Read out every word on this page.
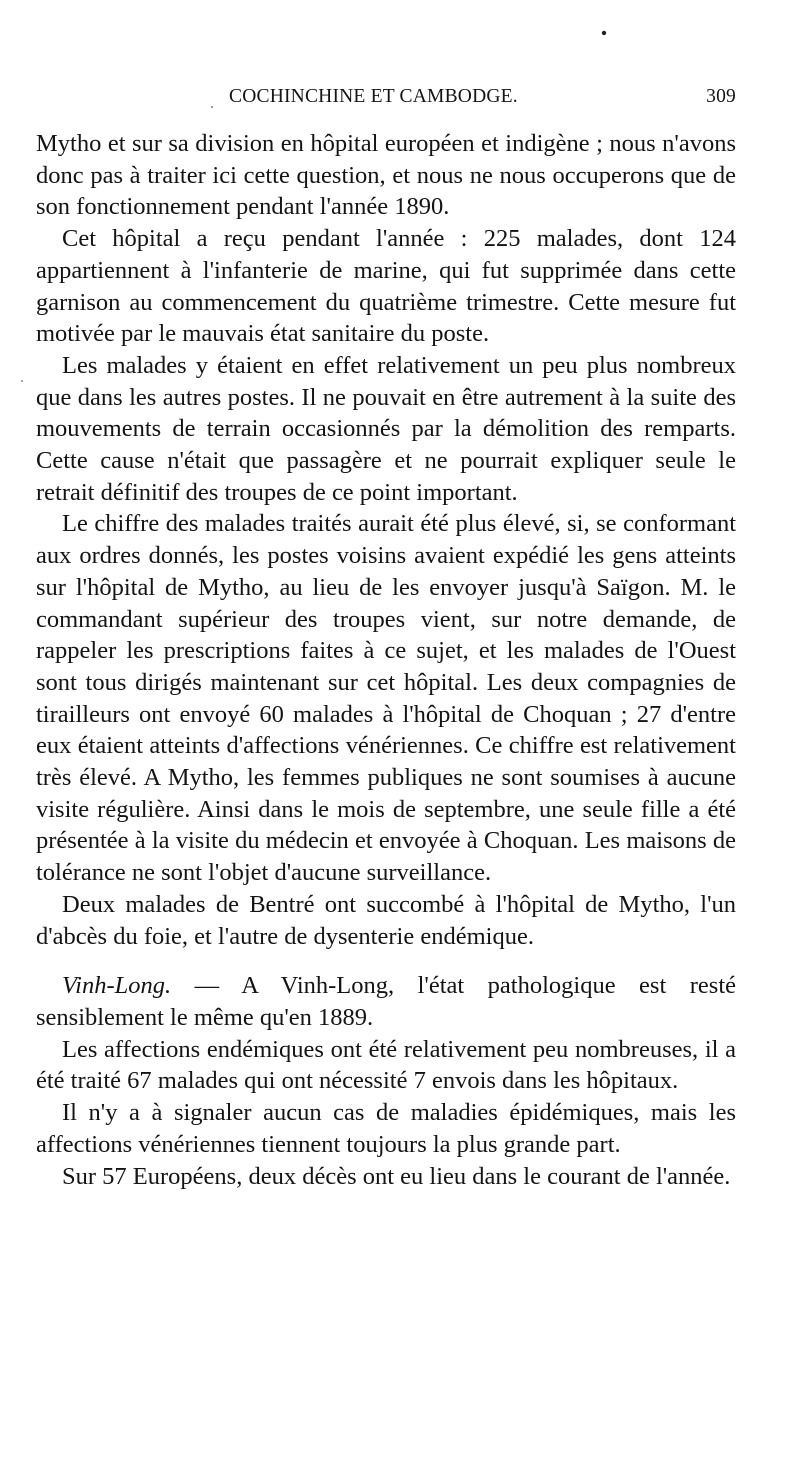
COCHINCHINE ET CAMBODGE.	309

Mytho et sur sa division en hôpital européen et indigène ; nous n'avons donc pas à traiter ici cette question, et nous ne nous occuperons que de son fonctionnement pendant l'année 1890.

Cet hôpital a reçu pendant l'année : 225 malades, dont 124 appartiennent à l'infanterie de marine, qui fut supprimée dans cette garnison au commencement du quatrième trimestre. Cette mesure fut motivée par le mauvais état sanitaire du poste.

Les malades y étaient en effet relativement un peu plus nombreux que dans les autres postes. Il ne pouvait en être autrement à la suite des mouvements de terrain occasionnés par la démolition des remparts. Cette cause n'était que passagère et ne pourrait expliquer seule le retrait définitif des troupes de ce point important.

Le chiffre des malades traités aurait été plus élevé, si, se conformant aux ordres donnés, les postes voisins avaient expédié les gens atteints sur l'hôpital de Mytho, au lieu de les envoyer jusqu'à Saïgon. M. le commandant supérieur des troupes vient, sur notre demande, de rappeler les prescriptions faites à ce sujet, et les malades de l'Ouest sont tous dirigés maintenant sur cet hôpital. Les deux compagnies de tirailleurs ont envoyé 60 malades à l'hôpital de Choquan ; 27 d'entre eux étaient atteints d'affections vénériennes. Ce chiffre est relativement très élevé. A Mytho, les femmes publiques ne sont soumises à aucune visite régulière. Ainsi dans le mois de septembre, une seule fille a été présentée à la visite du médecin et envoyée à Choquan. Les maisons de tolérance ne sont l'objet d'aucune surveillance.

Deux malades de Bentré ont succombé à l'hôpital de Mytho, l'un d'abcès du foie, et l'autre de dysenterie endémique.

Vinh-Long. — A Vinh-Long, l'état pathologique est resté sensiblement le même qu'en 1889.

Les affections endémiques ont été relativement peu nombreuses, il a été traité 67 malades qui ont nécessité 7 envois dans les hôpitaux.

Il n'y a à signaler aucun cas de maladies épidémiques, mais les affections vénériennes tiennent toujours la plus grande part.

Sur 57 Européens, deux décès ont eu lieu dans le courant de l'année.
